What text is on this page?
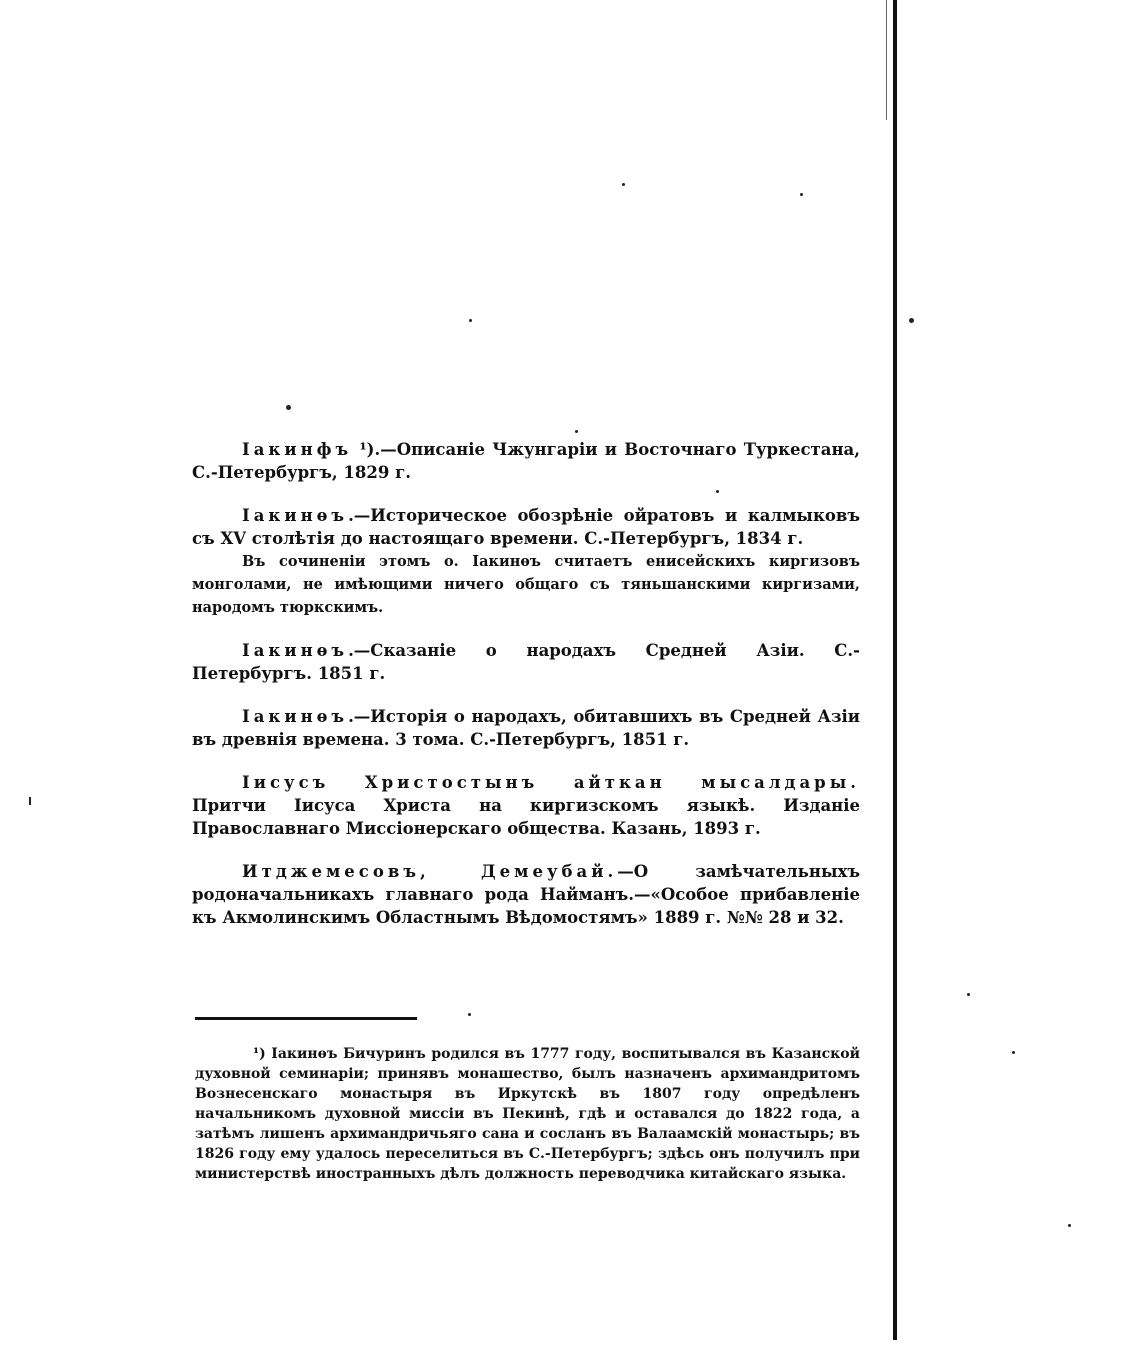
Іакинфъ ¹).—Описаніе Чжунгаріи и Восточнаго Туркестана, С.-Петербургъ, 1829 г.

Іакинѳъ.—Историческое обозрѣніе ойратовъ и калмыковъ съ XV столѣтія до настоящаго времени. С.-Петербургъ, 1834 г.

Въ сочиненіи этомъ о. Іакинѳъ считаетъ енисейскихъ киргизовъ монголами, не имѣющими ничего общаго съ тяньшанскими киргизами, народомъ тюркскимъ.

Іакинѳъ.—Сказаніе о народахъ Средней Азіи. С.-Петербургъ. 1851 г.

Іакинѳъ.—Исторія о народахъ, обитавшихъ въ Средней Азіи въ древнія времена. 3 тома. С.-Петербургъ, 1851 г.

Іисусъ Христостынъ айткан мысалдары. Притчи Іисуса Христа на киргизскомъ языкѣ. Изданіе Православнаго Миссіонерскаго общества. Казань, 1893 г.

Итджемесовъ, Демеубай.—О замѣчательныхъ родоначальникахъ главнаго рода Найманъ.—«Особое прибавленіе къ Акмолинскимъ Областнымъ Вѣдомостямъ» 1889 г. №№ 28 и 32.

¹) Іакинѳъ Бичуринъ родился въ 1777 году, воспитывался въ Казанской духовной семинаріи; принявъ монашество, былъ назначенъ архимандритомъ Вознесенскаго монастыря въ Иркутскѣ въ 1807 году опредѣленъ начальникомъ духовной миссіи въ Пекинѣ, гдѣ и оставался до 1822 года, а затѣмъ лишенъ архимандричьяго сана и сосланъ въ Валаамскій монастырь; въ 1826 году ему удалось переселиться въ С.-Петербургъ; здѣсь онъ получилъ при министерствѣ иностранныхъ дѣлъ должность переводчика китайскаго языка.
